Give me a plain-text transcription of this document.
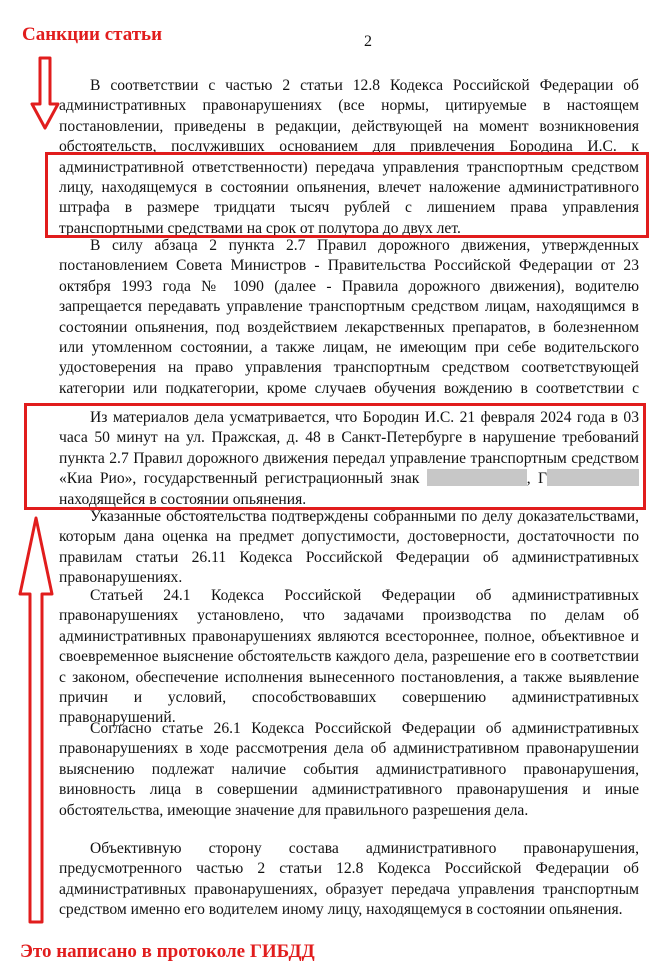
Санкции статьи	2

В соответствии с частью 2 статьи 12.8 Кодекса Российской Федерации об административных правонарушениях (все нормы, цитируемые в настоящем постановлении, приведены в редакции, действующей на момент возникновения обстоятельств, послуживших основанием для привлечения Бородина И.С. к административной ответственности) передача управления транспортным средством лицу, находящемуся в состоянии опьянения, влечет наложение административного штрафа в размере тридцати тысяч рублей с лишением права управления транспортными средствами на срок от полутора до двух лет.

В силу абзаца 2 пункта 2.7 Правил дорожного движения, утвержденных постановлением Совета Министров - Правительства Российской Федерации от 23 октября 1993 года № 1090 (далее - Правила дорожного движения), водителю запрещается передавать управление транспортным средством лицам, находящимся в состоянии опьянения, под воздействием лекарственных препаратов, в болезненном или утомленном состоянии, а также лицам, не имеющим при себе водительского удостоверения на право управления транспортным средством соответствующей категории или подкатегории, кроме случаев обучения вождению в соответствии с

Из материалов дела усматривается, что Бородин И.С. 21 февраля 2024 года в 03 часа 50 минут на ул. Пражская, д. 48 в Санкт-Петербурге в нарушение требований пункта 2.7 Правил дорожного движения передал управление транспортным средством «Киа Рио», государственный регистрационный знак	, Г находящейся в состоянии опьянения.

Указанные обстоятельства подтверждены собранными по делу доказательствами, которым дана оценка на предмет допустимости, достоверности, достаточности по правилам статьи 26.11 Кодекса Российской Федерации об административных правонарушениях.

Статьей 24.1 Кодекса Российской Федерации об административных правонарушениях установлено, что задачами производства по делам об административных правонарушениях являются всестороннее, полное, объективное и своевременное выяснение обстоятельств каждого дела, разрешение его в соответствии с законом, обеспечение исполнения вынесенного постановления, а также выявление причин и условий, способствовавших совершению административных правонарушений.

Согласно статье 26.1 Кодекса Российской Федерации об административных правонарушениях в ходе рассмотрения дела об административном правонарушении выяснению подлежат наличие события административного правонарушения, виновность лица в совершении административного правонарушения и иные обстоятельства, имеющие значение для правильного разрешения дела.

Объективную сторону состава административного правонарушения, предусмотренного частью 2 статьи 12.8 Кодекса Российской Федерации об административных правонарушениях, образует передача управления транспортным средством именно его водителем иному лицу, находящемуся в состоянии опьянения.

Это написано в протоколе ГИБДД
